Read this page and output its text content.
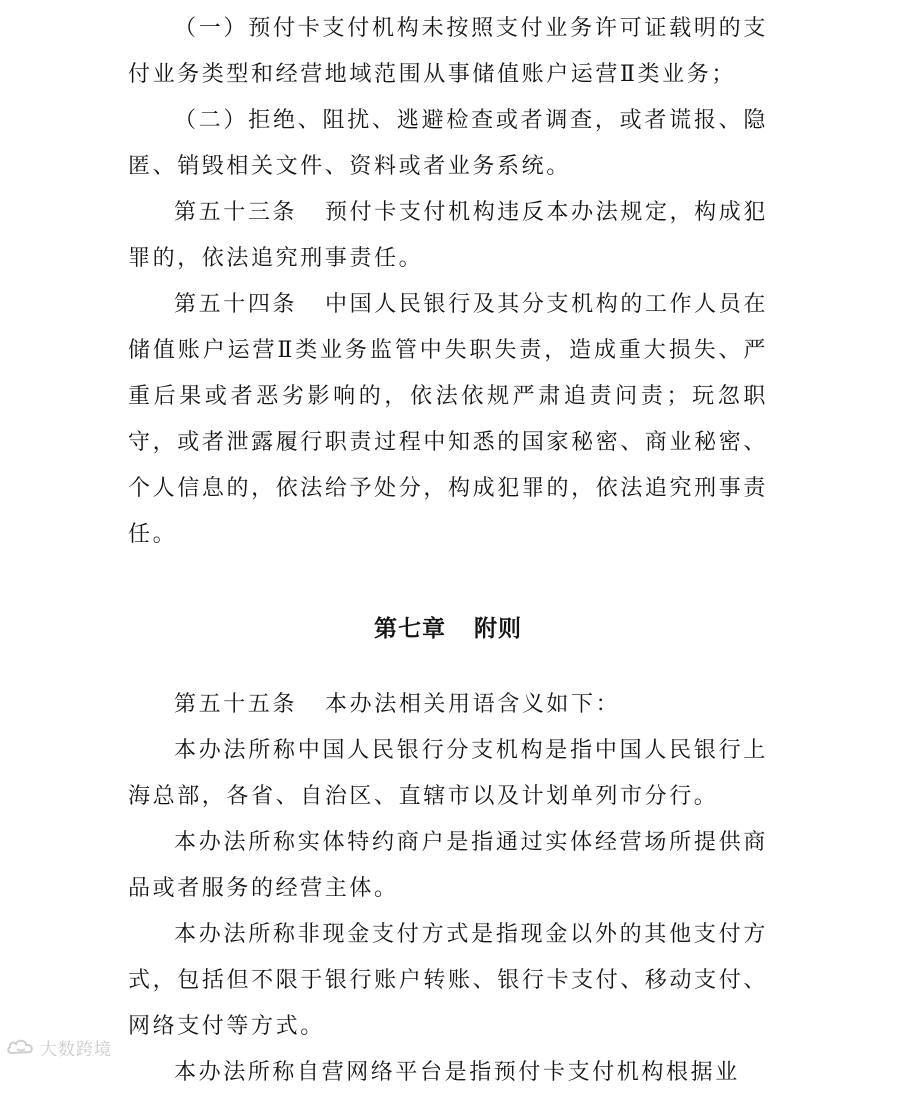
（一）预付卡支付机构未按照支付业务许可证载明的支付业务类型和经营地域范围从事储值账户运营Ⅱ类业务；

（二）拒绝、阻扰、逃避检查或者调查，或者谎报、隐匿、销毁相关文件、资料或者业务系统。

第五十三条 预付卡支付机构违反本办法规定，构成犯罪的，依法追究刑事责任。

第五十四条 中国人民银行及其分支机构的工作人员在储值账户运营Ⅱ类业务监管中失职失责，造成重大损失、严重后果或者恶劣影响的，依法依规严肃追责问责；玩忽职守，或者泄露履行职责过程中知悉的国家秘密、商业秘密、个人信息的，依法给予处分，构成犯罪的，依法追究刑事责任。

第七章 附则

第五十五条 本办法相关用语含义如下：

本办法所称中国人民银行分支机构是指中国人民银行上海总部，各省、自治区、直辖市以及计划单列市分行。

本办法所称实体特约商户是指通过实体经营场所提供商品或者服务的经营主体。

本办法所称非现金支付方式是指现金以外的其他支付方式，包括但不限于银行账户转账、银行卡支付、移动支付、网络支付等方式。

本办法所称自营网络平台是指预付卡支付机构根据业

大数跨境
